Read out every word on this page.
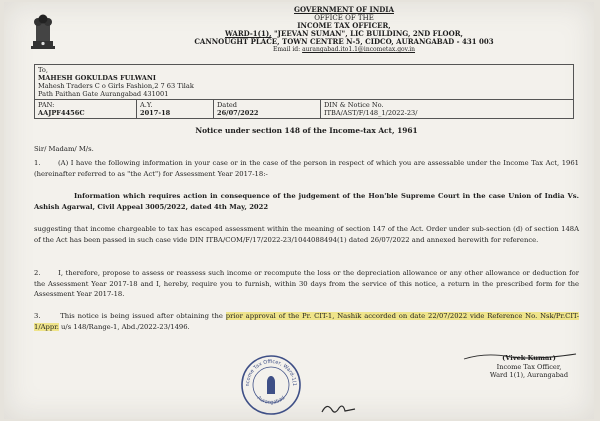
GOVERNMENT OF INDIA
OFFICE OF THE
INCOME TAX OFFICER,
WARD-1(1), "JEEVAN SUMAN", LIC BUILDING, 2ND FLOOR,
CANNOUGHT PLACE, TOWN CENTRE N-5, CIDCO, AURANGABAD - 431 003
Email id: aurangabad.ito1.1@incometax.gov.in
To,
MAHESH GOKULDAS FULWANI
Mahesh Traders C o Girls Fashion,2 7 63 Tilak
Path Paithan Gate Aurangabad 431001

PAN:
AAJPF4456C

A.Y.
2017-18

Dated
26/07/2022

DIN & Notice No.
ITBA/AST/F/148_1/2022-23/
Notice under section 148 of the Income-tax Act, 1961
Sir/ Madam/ M/s.
1.	(A) I have the following information in your case or in the case of the person in respect of which you are assessable under the Income Tax Act, 1961 (hereinafter referred to as "the Act") for Assessment Year 2017-18:-
Information which requires action in consequence of the judgement of the Hon'ble Supreme Court in the case Union of India Vs. Ashish Agarwal, Civil Appeal 3005/2022, dated 4th May, 2022
suggesting that income chargeable to tax has escaped assessment within the meaning of section 147 of the Act. Order under sub-section (d) of section 148A of the Act has been passed in such case vide DIN ITBA/COM/F/17/2022-23/1044088494(1) dated 26/07/2022 and annexed herewith for reference.
2.	I, therefore, propose to assess or reassess such income or recompute the loss or the depreciation allowance or any other allowance or deduction for the Assessment Year 2017-18 and I, hereby, require you to furnish, within 30 days from the service of this notice, a return in the prescribed form for the Assessment Year 2017-18.
3.	This notice is being issued after obtaining the prior approval of the Pr. CIT-1, Nashik accorded on date 22/07/2022 vide Reference No. Nsk/Pr.CIT-1/Appr. u/s 148/Range-1, Abd./2022-23/1496.
ncome Tax Officer, Ward-1(1
Aurangabad
(Vivek Kumar)
Income Tax Officer,
Ward 1(1), Aurangabad
